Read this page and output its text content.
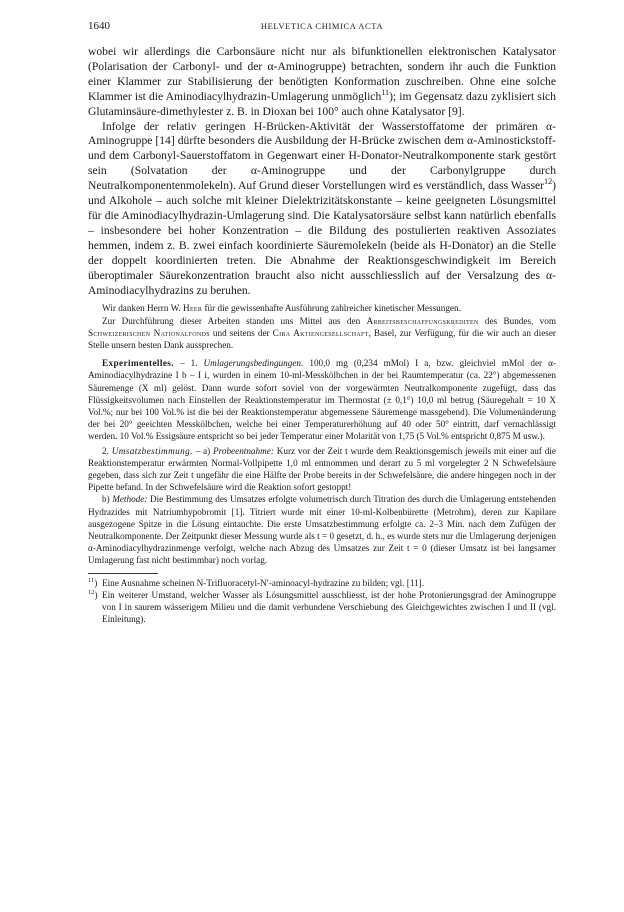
1640	HELVETICA CHIMICA ACTA

wobei wir allerdings die Carbonsäure nicht nur als bifunktionellen elektronischen Katalysator (Polarisation der Carbonyl- und der α-Aminogruppe) betrachten, sondern ihr auch die Funktion einer Klammer zur Stabilisierung der benötigten Konformation zuschreiben. Ohne eine solche Klammer ist die Aminodiacylhydrazin-Umlagerung unmöglich$^{11}$); im Gegensatz dazu zyklisiert sich Glutaminsäure-dimethylester z. B. in Dioxan bei 100° auch ohne Katalysator [9].

Infolge der relativ geringen H-Brücken-Aktivität der Wasserstoffatome der primären α-Aminogruppe [14] dürfte besonders die Ausbildung der H-Brücke zwischen dem α-Aminostickstoff- und dem Carbonyl-Sauerstoffatom in Gegenwart einer H-Donator-Neutralkomponente stark gestört sein (Solvatation der α-Aminogruppe und der Carbonylgruppe durch Neutralkomponentenmolekeln). Auf Grund dieser Vorstellungen wird es verständlich, dass Wasser$^{12}$) und Alkohole – auch solche mit kleiner Dielektrizitätskonstante – keine geeigneten Lösungsmittel für die Aminodiacylhydrazin-Umlagerung sind. Die Katalysatorsäure selbst kann natürlich ebenfalls – insbesondere bei hoher Konzentration – die Bildung des postulierten reaktiven Assoziates hemmen, indem z. B. zwei einfach koordinierte Säuremolekeln (beide als H-Donator) an die Stelle der doppelt koordinierten treten. Die Abnahme der Reaktionsgeschwindigkeit im Bereich überoptimaler Säurekonzentration braucht also nicht ausschliesslich auf der Versalzung des α-Aminodiacylhydrazins zu beruhen.

Wir danken Herrn W. Heer für die gewissenhafte Ausführung zahlreicher kinetischer Messungen.

Zur Durchführung dieser Arbeiten standen uns Mittel aus den Arbeitsbeschaffungskrediten des Bundes, vom Schweizerischen Nationalfonds und seitens der Ciba Aktiengesellschaft, Basel, zur Verfügung, für die wir auch an dieser Stelle unsern besten Dank aussprechen.

Experimentelles. – 1. Umlagerungsbedingungen. 100,0 mg (0,234 mMol) I a, bzw. gleichviel mMol der α-Aminodiacylhydrazine I b – I i, wurden in einem 10-ml-Messkölbchen in der bei Raumtemperatur (ca. 22°) abgemessenen Säuremenge (X ml) gelöst. Dann wurde sofort soviel von der vorgewärmten Neutralkomponente zugefügt, dass das Flüssigkeitsvolumen nach Einstellen der Reaktionstemperatur im Thermostat (± 0,1°) 10,0 ml betrug (Säuregehalt = 10 X Vol.%; nur bei 100 Vol.% ist die bei der Reaktionstemperatur abgemessene Säuremenge massgebend). Die Volumenänderung der bei 20° geeichten Messkölbchen, welche bei einer Temperaturerhöhung auf 40 oder 50° eintritt, darf vernachlässigt werden. 10 Vol.% Essigsäure entspricht so bei jeder Temperatur einer Molarität von 1,75 (5 Vol.% entspricht 0,875 M usw.).

2. Umsatzbestimmung. – a) Probeentnahme: Kurz vor der Zeit t wurde dem Reaktionsgemisch jeweils mit einer auf die Reaktionstemperatur erwärmten Normal-Vollpipette 1,0 ml entnommen und derart zu 5 ml vorgelegter 2 N Schwefelsäure gegeben, dass sich zur Zeit t ungefähr die eine Hälfte der Probe bereits in der Schwefelsäure, die andere hingegen noch in der Pipette befand. In der Schwefelsäure wird die Reaktion sofort gestoppt!

b) Methode: Die Bestimmung des Umsatzes erfolgte volumetrisch durch Titration des durch die Umlagerung entstehenden Hydrazides mit Natriumhypobromit [1]. Titriert wurde mit einer 10-ml-Kolbenbürette (Metrohm), deren zur Kapilare ausgezogene Spitze in die Lösung eintauchte. Die erste Umsatzbestimmung erfolgte ca. 2–3 Min. nach dem Zufügen der Neutralkomponente. Der Zeitpunkt dieser Messung wurde als t = 0 gesetzt, d. h., es wurde stets nur die Umlagerung derjenigen α-Aminodiacylhydrazinmenge verfolgt, welche nach Abzug des Umsatzes zur Zeit t = 0 (dieser Umsatz ist bei langsamer Umlagerung fast nicht bestimmbar) noch vorlag.

$^{11}$) Eine Ausnahme scheinen N-Trifluoracetyl-N′-aminoacyl-hydrazine zu bilden; vgl. [11].

$^{12}$) Ein weiterer Umstand, welcher Wasser als Lösungsmittel ausschliesst, ist der hohe Protonierungsgrad der Aminogruppe von I in saurem wässerigem Milieu und die damit verbundene Verschiebung des Gleichgewichtes zwischen I und II (vgl. Einleitung).
